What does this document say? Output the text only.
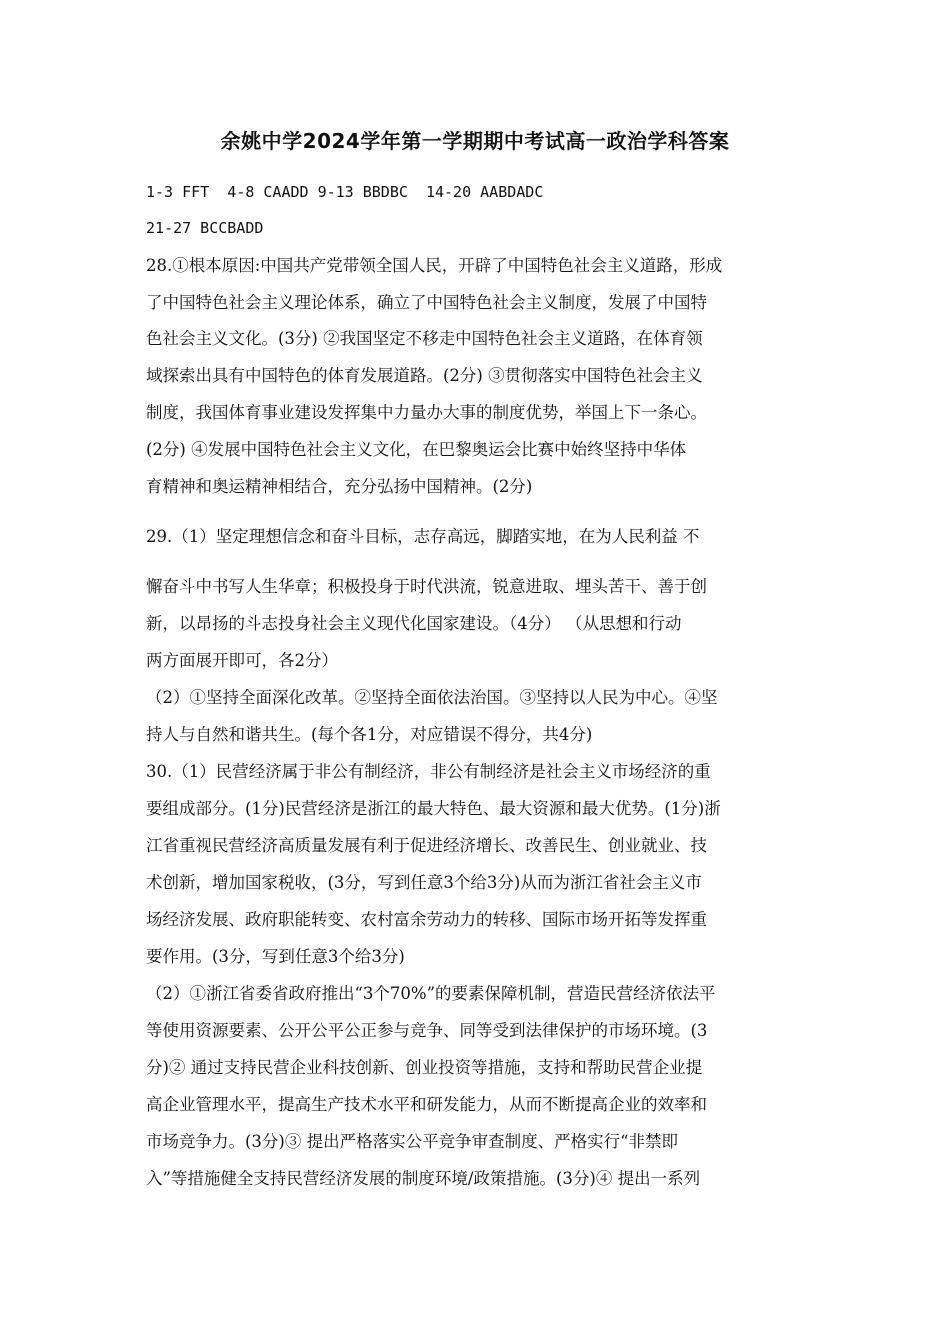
余姚中学2024学年第一学期期中考试高一政治学科答案
1-3 FFT  4-8 CAADD 9-13 BBDBC  14-20 AABDADC
21-27 BCCBADD
28.①根本原因:中国共产党带领全国人民，开辟了中国特色社会主义道路，形成
了中国特色社会主义理论体系，确立了中国特色社会主义制度，发展了中国特
色社会主义文化。(3分) ②我国坚定不移走中国特色社会主义道路，在体育领
域探索出具有中国特色的体育发展道路。(2分) ③贯彻落实中国特色社会主义
制度，我国体育事业建设发挥集中力量办大事的制度优势，举国上下一条心。
(2分) ④发展中国特色社会主义文化，在巴黎奥运会比赛中始终坚持中华体
育精神和奥运精神相结合，充分弘扬中国精神。(2分)
29.（1）坚定理想信念和奋斗目标，志存高远，脚踏实地，在为人民利益 不
懈奋斗中书写人生华章；积极投身于时代洪流，锐意进取、埋头苦干、善于创
新，以昂扬的斗志投身社会主义现代化国家建设。（4分） （从思想和行动
两方面展开即可，各2分）
（2）①坚持全面深化改革。②坚持全面依法治国。③坚持以人民为中心。④坚
持人与自然和谐共生。(每个各1分，对应错误不得分，共4分)
30.（1）民营经济属于非公有制经济，非公有制经济是社会主义市场经济的重
要组成部分。(1分)民营经济是浙江的最大特色、最大资源和最大优势。(1分)浙
江省重视民营经济高质量发展有利于促进经济增长、改善民生、创业就业、技
术创新，增加国家税收，(3分，写到任意3个给3分)从而为浙江省社会主义市
场经济发展、政府职能转变、农村富余劳动力的转移、国际市场开拓等发挥重
要作用。(3分，写到任意3个给3分)
（2）①浙江省委省政府推出“3个70%”的要素保障机制，营造民营经济依法平
等使用资源要素、公开公平公正参与竞争、同等受到法律保护的市场环境。(3
分)② 通过支持民营企业科技创新、创业投资等措施，支持和帮助民营企业提
高企业管理水平，提高生产技术水平和研发能力，从而不断提高企业的效率和
市场竞争力。(3分)③ 提出严格落实公平竞争审查制度、严格实行“非禁即
入”等措施健全支持民营经济发展的制度环境/政策措施。(3分)④ 提出一系列
